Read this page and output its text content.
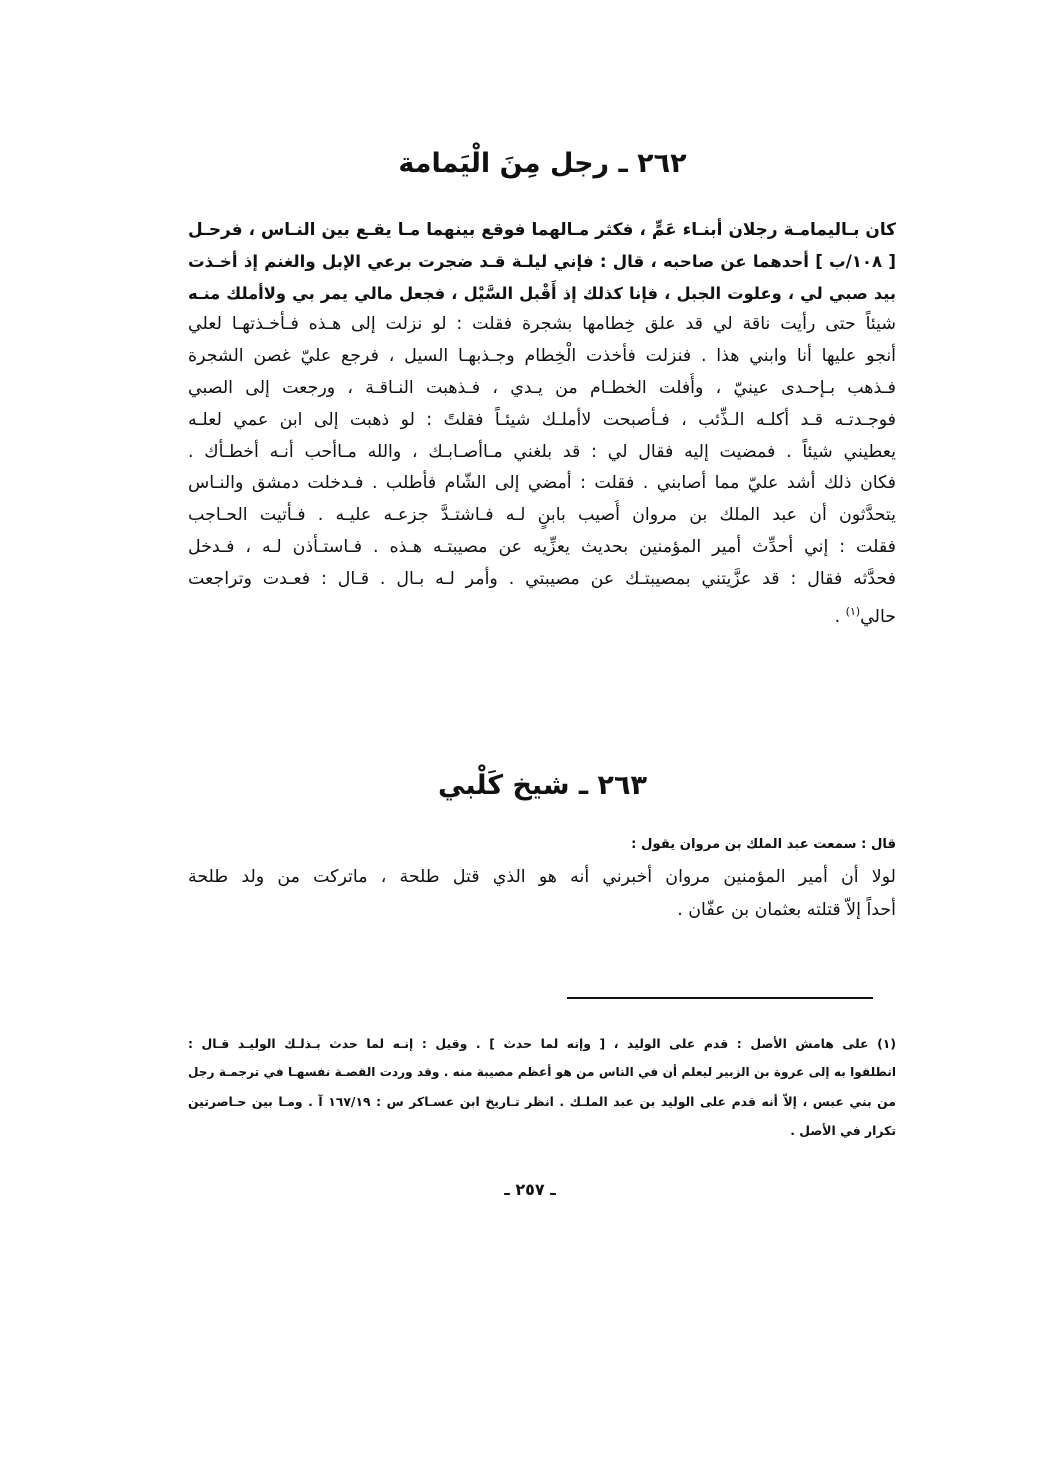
٢٦٢ ـ رجل مِنَ الْيَمامة
كان بـاليمامـة رجلان أبنـاء عَمٍّ ، فكثر مـالهما فوقع بينهما مـا يقـع بين النـاس ، فرحـل
[ ١٠٨/ب ] أحدهما عن صاحبه ، قال : فإني ليلـة قـد ضجرت برعي الإبل والغنم إذ أخـذت
بيد صبي لي ، وعلوت الجبل ، فإنا كذلك إذ أَقْبل السَّيْل ، فجعل مالي يمر بي ولاأملك منـه
شيئاً حتى رأيت ناقة لي قد علق خِطامها بشجرة فقلت : لو نزلت إلى هـذه فـأخـذتهـا لعلي
أنجو عليها أنا وابني هذا . فنزلت فأخذت الْخِطام وجـذبهـا السيل ، فرجع عليّ غصن الشجرة
فـذهب بـإحـدى عينيّ ، وأُفلت الخطـام من يـدي ، فـذهبت النـاقـة ، ورجعت إلى الصبي
فوجـدتـه قـد أكلـه الـذِّئب ، فـأصبحت لاأملـك شيئـاً فقلتً : لو ذهبت إلى ابن عمي لعلـه
يعطيني شيئاً . فمضيت إليه فقال لي : قد بلغني مـاأصـابـك ، والله مـاأحب أنـه أخطـأك .
فكان ذلك أشد عليّ مما أصابني . فقلت : أمضي إلى الشّام فأطلب . فـدخلت دمشق والنـاس
يتحدَّثون أن عبد الملك بن مروان أُصيب بابنٍ لـه فـاشتـدَّ جزعـه عليـه . فـأتيت الحـاجب
فقلت : إني أحدِّث أمير المؤمنين بحديث يعزِّيه عن مصيبتـه هـذه . فـاستـأذن لـه ، فـدخل
فحدَّثه فقال : قد عزَّيتني بمصيبتـك عن مصيبتي . وأمر لـه بـال . قـال : فعـدت وتراجعت
حالي$^{(١)}$ .
٢٦٣ ـ شيخ كَلْبي
قال : سمعت عبد الملك بن مروان يقول :
لولا أن أمير المؤمنين مروان أخبرني أنه هو الذي قتل طلحة ، ماتركت من ولد طلحة
أحداً إلاّ قتلته بعثمان بن عفّان .
(١) على هامش الأصل : قدم على الوليد ، [ وإنه لما حدث ] . وقيل : إنـه لما حدث بـذلـك الوليـد قـال :
انطلقوا به إلى عروة بن الزبير ليعلم أن في الناس من هو أعظم مصيبة منه . وقد وردت القصـة نفسهـا في ترجمـة رجل
من بني عبس ، إلاّ أنه قدم على الوليد بن عبد الملـك . انظر تـاريخ ابن عسـاكر س : ١٦٧/١٩ آ . ومـا بين حـاصرتين
تكرار في الأصل .
ـ ٢٥٧ ـ
